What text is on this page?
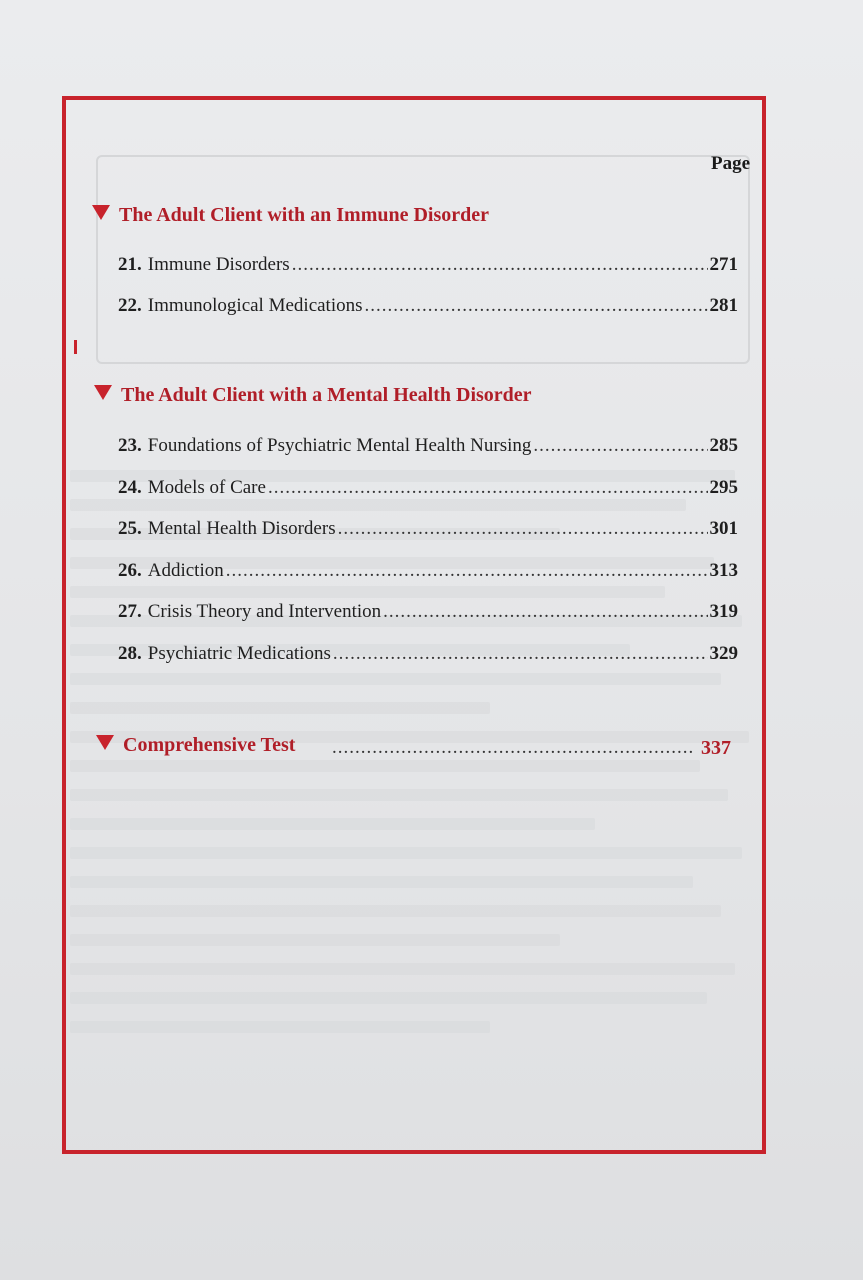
Page
The Adult Client with an Immune Disorder
21. Immune Disorders .....	271
22. Immunological Medications .....	281
The Adult Client with a Mental Health Disorder
23. Foundations of Psychiatric Mental Health Nursing .....	285
24. Models of Care .....	295
25. Mental Health Disorders .....	301
26. Addiction .....	313
27. Crisis Theory and Intervention .....	319
28. Psychiatric Medications .....	329
Comprehensive Test .....	337
